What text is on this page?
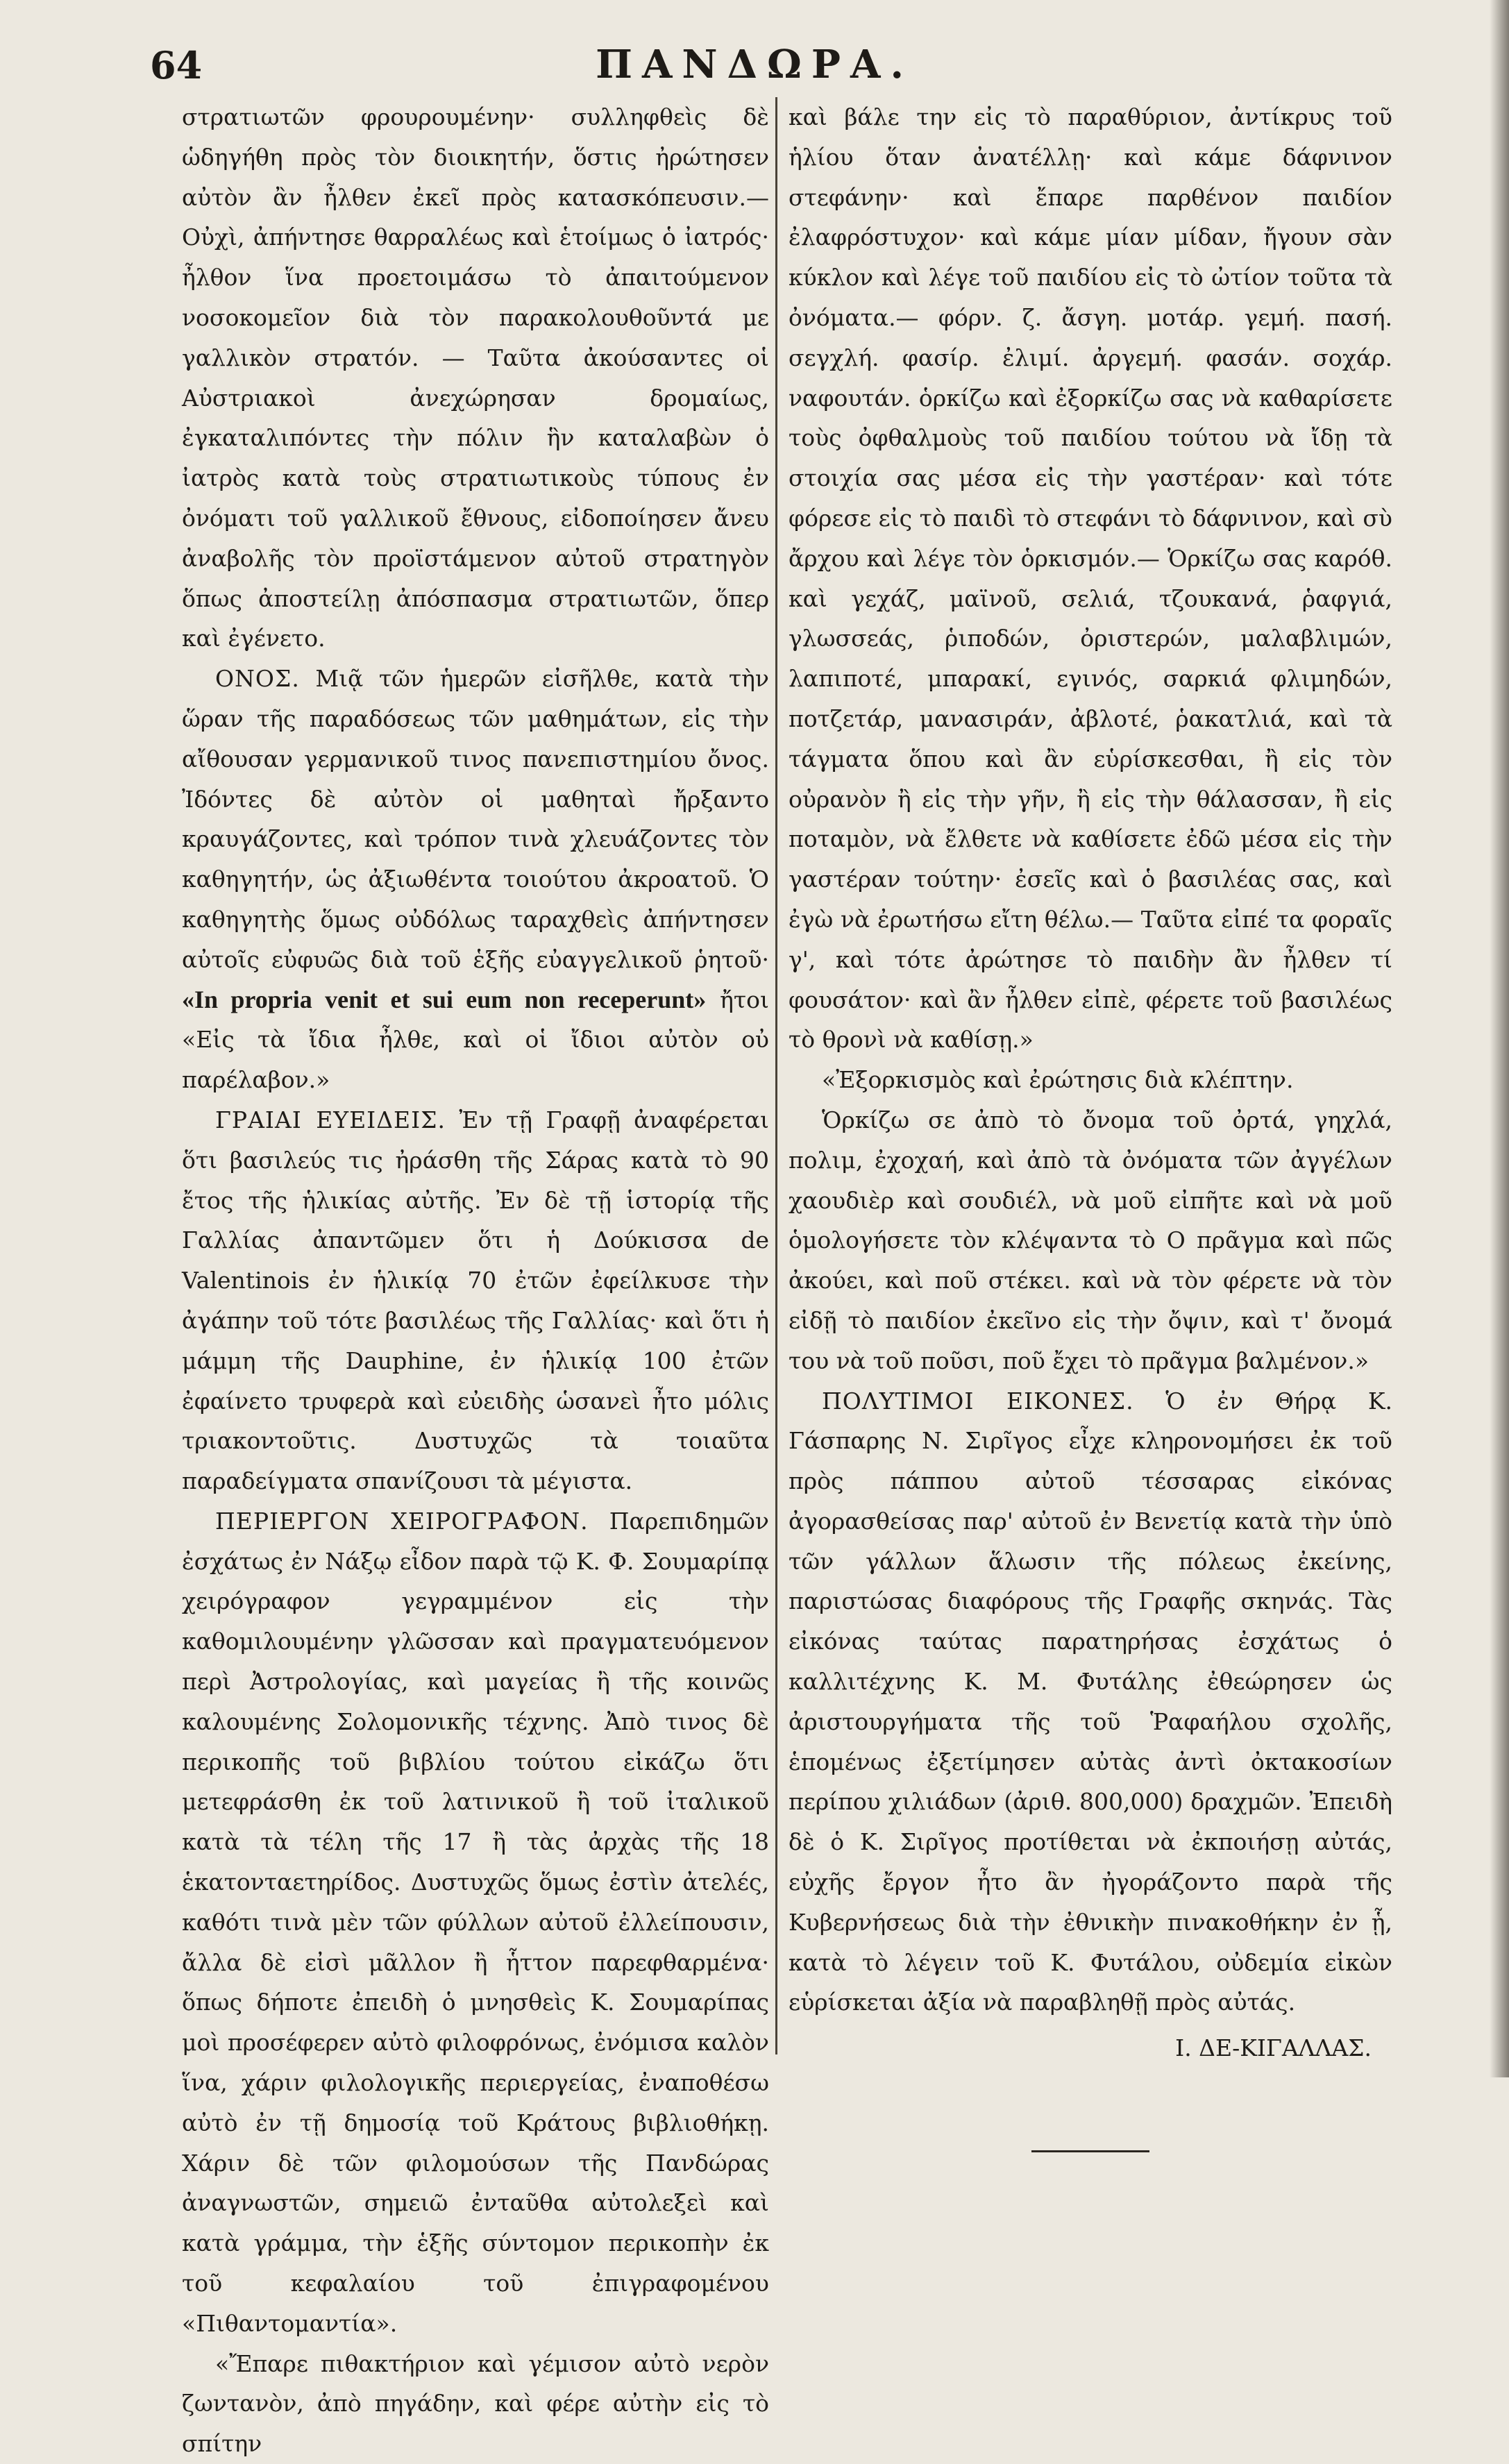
64	ΠΑΝΔΩΡΑ.

στρατιωτῶν φρουρουμένην· συλληφθεὶς δὲ ὡδηγήθη πρὸς τὸν διοικητήν, ὅστις ἠρώτησεν αὐτὸν ἂν ἦλθεν ἐκεῖ πρὸς κατασκόπευσιν.— Οὐχὶ, ἀπήντησε θαρραλέως καὶ ἑτοίμως ὁ ἰατρός· ἦλθον ἵνα προετοιμάσω τὸ ἀπαιτούμενον νοσοκομεῖον διὰ τὸν παρακολουθοῦντά με γαλλικὸν στρατόν. — Ταῦτα ἀκούσαντες οἱ Αὐστριακοὶ ἀνεχώρησαν δρομαίως, ἐγκαταλιπόντες τὴν πόλιν ἣν καταλαβὼν ὁ ἰατρὸς κατὰ τοὺς στρατιωτικοὺς τύπους ἐν ὀνόματι τοῦ γαλλικοῦ ἔθνους, εἰδοποίησεν ἄνευ ἀναβολῆς τὸν προϊστάμενον αὐτοῦ στρατηγὸν ὅπως ἀποστείλῃ ἀπόσπασμα στρατιωτῶν, ὅπερ καὶ ἐγένετο.

ΟΝΟΣ. Μιᾷ τῶν ἡμερῶν εἰσῆλθε, κατὰ τὴν ὥραν τῆς παραδόσεως τῶν μαθημάτων, εἰς τὴν αἴθουσαν γερμανικοῦ τινος πανεπιστημίου ὄνος. Ἰδόντες δὲ αὐτὸν οἱ μαθηταὶ ἤρξαντο κραυγάζοντες, καὶ τρόπον τινὰ χλευάζοντες τὸν καθηγητήν, ὡς ἀξιωθέντα τοιούτου ἀκροατοῦ. Ὁ καθηγητὴς ὅμως οὐδόλως ταραχθεὶς ἀπήντησεν αὐτοῖς εὐφυῶς διὰ τοῦ ἑξῆς εὐαγγελικοῦ ῥητοῦ· «In propria venit et sui eum non receperunt» ἤτοι «Εἰς τὰ ἴδια ἦλθε, καὶ οἱ ἴδιοι αὐτὸν οὐ παρέλαβον.»

ΓΡΑΙΑΙ ΕΥΕΙΔΕΙΣ. Ἐν τῇ Γραφῇ ἀναφέρεται ὅτι βασιλεύς τις ἠράσθη τῆς Σάρας κατὰ τὸ 90 ἔτος τῆς ἡλικίας αὐτῆς. Ἐν δὲ τῇ ἱστορίᾳ τῆς Γαλλίας ἀπαντῶμεν ὅτι ἡ Δούκισσα de Valentinois ἐν ἡλικίᾳ 70 ἐτῶν ἐφείλκυσε τὴν ἀγάπην τοῦ τότε βασιλέως τῆς Γαλλίας· καὶ ὅτι ἡ μάμμη τῆς Dauphine, ἐν ἡλικίᾳ 100 ἐτῶν ἐφαίνετο τρυφερὰ καὶ εὐειδὴς ὡσανεὶ ἦτο μόλις τριακοντοῦτις. Δυστυχῶς τὰ τοιαῦτα παραδείγματα σπανίζουσι τὰ μέγιστα.

ΠΕΡΙΕΡΓΟΝ ΧΕΙΡΟΓΡΑΦΟΝ. Παρεπιδημῶν ἐσχάτως ἐν Νάξῳ εἶδον παρὰ τῷ Κ. Φ. Σουμαρίπᾳ χειρόγραφον γεγραμμένον εἰς τὴν καθομιλουμένην γλῶσσαν καὶ πραγματευόμενον περὶ Ἀστρολογίας, καὶ μαγείας ἢ τῆς κοινῶς καλουμένης Σολομονικῆς τέχνης. Ἀπὸ τινος δὲ περικοπῆς τοῦ βιβλίου τούτου εἰκάζω ὅτι μετεφράσθη ἐκ τοῦ λατινικοῦ ἢ τοῦ ἰταλικοῦ κατὰ τὰ τέλη τῆς 17 ἢ τὰς ἀρχὰς τῆς 18 ἑκατονταετηρίδος. Δυστυχῶς ὅμως ἐστὶν ἀτελές, καθότι τινὰ μὲν τῶν φύλλων αὐτοῦ ἐλλείπουσιν, ἄλλα δὲ εἰσὶ μᾶλλον ἢ ἧττον παρεφθαρμένα· ὅπως δήποτε ἐπειδὴ ὁ μνησθεὶς Κ. Σουμαρίπας μοὶ προσέφερεν αὐτὸ φιλοφρόνως, ἐνόμισα καλὸν ἵνα, χάριν φιλολογικῆς περιεργείας, ἐναποθέσω αὐτὸ ἐν τῇ δημοσίᾳ τοῦ Κράτους βιβλιοθήκῃ. Χάριν δὲ τῶν φιλομούσων τῆς Πανδώρας ἀναγνωστῶν, σημειῶ ἐνταῦθα αὐτολεξεὶ καὶ κατὰ γράμμα, τὴν ἑξῆς σύντομον περικοπὴν ἐκ τοῦ κεφαλαίου τοῦ ἐπιγραφομένου «Πιθαντομαντία».

«Ἔπαρε πιθακτήριον καὶ γέμισον αὐτὸ νερὸν ζωντανὸν, ἀπὸ πηγάδην, καὶ φέρε αὐτὴν εἰς τὸ σπίτην

καὶ βάλε την εἰς τὸ παραθύριον, ἀντίκρυς τοῦ ἡλίου ὅταν ἀνατέλλῃ· καὶ κάμε δάφνινον στεφάνην· καὶ ἔπαρε παρθένον παιδίον ἐλαφρόστυχον· καὶ κάμε μίαν μίδαν, ἤγουν σὰν κύκλον καὶ λέγε τοῦ παιδίου εἰς τὸ ὠτίον τοῦτα τὰ ὀνόματα.— φόρν. ζ. ἄσγη. μοτάρ. γεμή. πασή. σεγχλή. φασίρ. ἐλιμί. ἀργεμή. φασάν. σοχάρ. ναφουτάν. ὁρκίζω καὶ ἐξορκίζω σας νὰ καθαρίσετε τοὺς ὀφθαλμοὺς τοῦ παιδίου τούτου νὰ ἴδῃ τὰ στοιχία σας μέσα εἰς τὴν γαστέραν· καὶ τότε φόρεσε εἰς τὸ παιδὶ τὸ στεφάνι τὸ δάφνινον, καὶ σὺ ἄρχου καὶ λέγε τὸν ὁρκισμόν.— Ὁρκίζω σας καρόθ. καὶ γεχάζ, μαϊνοῦ, σελιά, τζουκανά, ῥαφγιά, γλωσσεάς, ῥιποδών, ὀριστερών, μαλαβλιμών, λαπιποτέ, μπαρακί, εγινός, σαρκιά φλιμηδών, ποτζετάρ, μανασιράν, ἀβλοτέ, ῥακατλιά, καὶ τὰ τάγματα ὅπου καὶ ἂν εὑρίσκεσθαι, ἢ εἰς τὸν οὐρανὸν ἢ εἰς τὴν γῆν, ἢ εἰς τὴν θάλασσαν, ἢ εἰς ποταμὸν, νὰ ἔλθετε νὰ καθίσετε ἐδῶ μέσα εἰς τὴν γαστέραν τούτην· ἐσεῖς καὶ ὁ βασιλέας σας, καὶ ἐγὼ νὰ ἐρωτήσω εἴτη θέλω.— Ταῦτα εἰπέ τα φοραῖς γ', καὶ τότε ἀρώτησε τὸ παιδὴν ἂν ἦλθεν τί φουσάτον· καὶ ἂν ἦλθεν εἰπὲ, φέρετε τοῦ βασιλέως τὸ θρονὶ νὰ καθίσῃ.»

«Ἐξορκισμὸς καὶ ἐρώτησις διὰ κλέπτην.

Ὁρκίζω σε ἀπὸ τὸ ὄνομα τοῦ ὀρτά, γηχλά, πολιμ, ἐχοχαή, καὶ ἀπὸ τὰ ὀνόματα τῶν ἀγγέλων χαουδιὲρ καὶ σουδιέλ, νὰ μοῦ εἰπῆτε καὶ νὰ μοῦ ὁμολογήσετε τὸν κλέψαντα τὸ Ο πρᾶγμα καὶ πῶς ἀκούει, καὶ ποῦ στέκει. καὶ νὰ τὸν φέρετε νὰ τὸν εἰδῇ τὸ παιδίον ἐκεῖνο εἰς τὴν ὄψιν, καὶ τ' ὄνομά του νὰ τοῦ ποῦσι, ποῦ ἔχει τὸ πρᾶγμα βαλμένον.»

ΠΟΛΥΤΙΜΟΙ ΕΙΚΟΝΕΣ. Ὁ ἐν Θήρᾳ Κ. Γάσπαρης Ν. Σιρῖγος εἶχε κληρονομήσει ἐκ τοῦ πρὸς πάππου αὐτοῦ τέσσαρας εἰκόνας ἀγορασθείσας παρ' αὐτοῦ ἐν Βενετίᾳ κατὰ τὴν ὑπὸ τῶν γάλλων ἅλωσιν τῆς πόλεως ἐκείνης, παριστώσας διαφόρους τῆς Γραφῆς σκηνάς. Τὰς εἰκόνας ταύτας παρατηρήσας ἐσχάτως ὁ καλλιτέχνης Κ. Μ. Φυτάλης ἐθεώρησεν ὡς ἀριστουργήματα τῆς τοῦ Ῥαφαήλου σχολῆς, ἑπομένως ἐξετίμησεν αὐτὰς ἀντὶ ὀκτακοσίων περίπου χιλιάδων (ἀριθ. 800,000) δραχμῶν. Ἐπειδὴ δὲ ὁ Κ. Σιρῖγος προτίθεται νὰ ἐκποιήσῃ αὐτάς, εὐχῆς ἔργον ἦτο ἂν ἠγοράζοντο παρὰ τῆς Κυβερνήσεως διὰ τὴν ἐθνικὴν πινακοθήκην ἐν ᾗ, κατὰ τὸ λέγειν τοῦ Κ. Φυτάλου, οὐδεμία εἰκὼν εὑρίσκεται ἀξία νὰ παραβληθῇ πρὸς αὐτάς.

Ι. ΔΕ-ΚΙΓΑΛΛΑΣ.
